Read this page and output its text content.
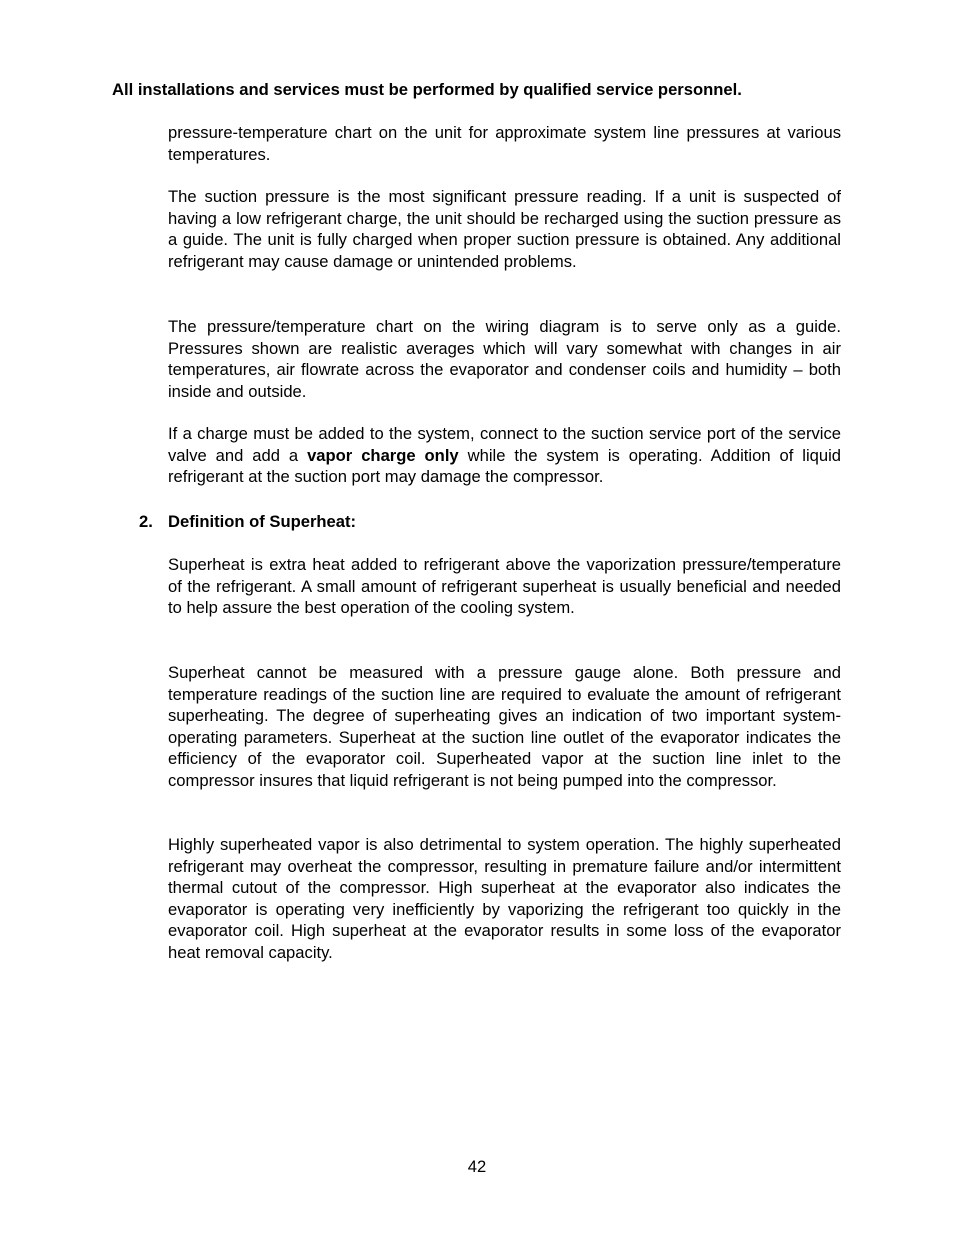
All installations and services must be performed by qualified service personnel.

pressure-temperature chart on the unit for approximate system line pressures at various temperatures.

The suction pressure is the most significant pressure reading. If a unit is suspected of having a low refrigerant charge, the unit should be recharged using the suction pressure as a guide. The unit is fully charged when proper suction pressure is obtained. Any additional refrigerant may cause damage or unintended problems.

The pressure/temperature chart on the wiring diagram is to serve only as a guide. Pressures shown are realistic averages which will vary somewhat with changes in air temperatures, air flowrate across the evaporator and condenser coils and humidity – both inside and outside.

If a charge must be added to the system, connect to the suction service port of the service valve and add a vapor charge only while the system is operating. Addition of liquid refrigerant at the suction port may damage the compressor.

2. Definition of Superheat:

Superheat is extra heat added to refrigerant above the vaporization pressure/temperature of the refrigerant. A small amount of refrigerant superheat is usually beneficial and needed to help assure the best operation of the cooling system.

Superheat cannot be measured with a pressure gauge alone. Both pressure and temperature readings of the suction line are required to evaluate the amount of refrigerant superheating. The degree of superheating gives an indication of two important system-operating parameters. Superheat at the suction line outlet of the evaporator indicates the efficiency of the evaporator coil. Superheated vapor at the suction line inlet to the compressor insures that liquid refrigerant is not being pumped into the compressor.

Highly superheated vapor is also detrimental to system operation. The highly superheated refrigerant may overheat the compressor, resulting in premature failure and/or intermittent thermal cutout of the compressor. High superheat at the evaporator also indicates the evaporator is operating very inefficiently by vaporizing the refrigerant too quickly in the evaporator coil. High superheat at the evaporator results in some loss of the evaporator heat removal capacity.

42
